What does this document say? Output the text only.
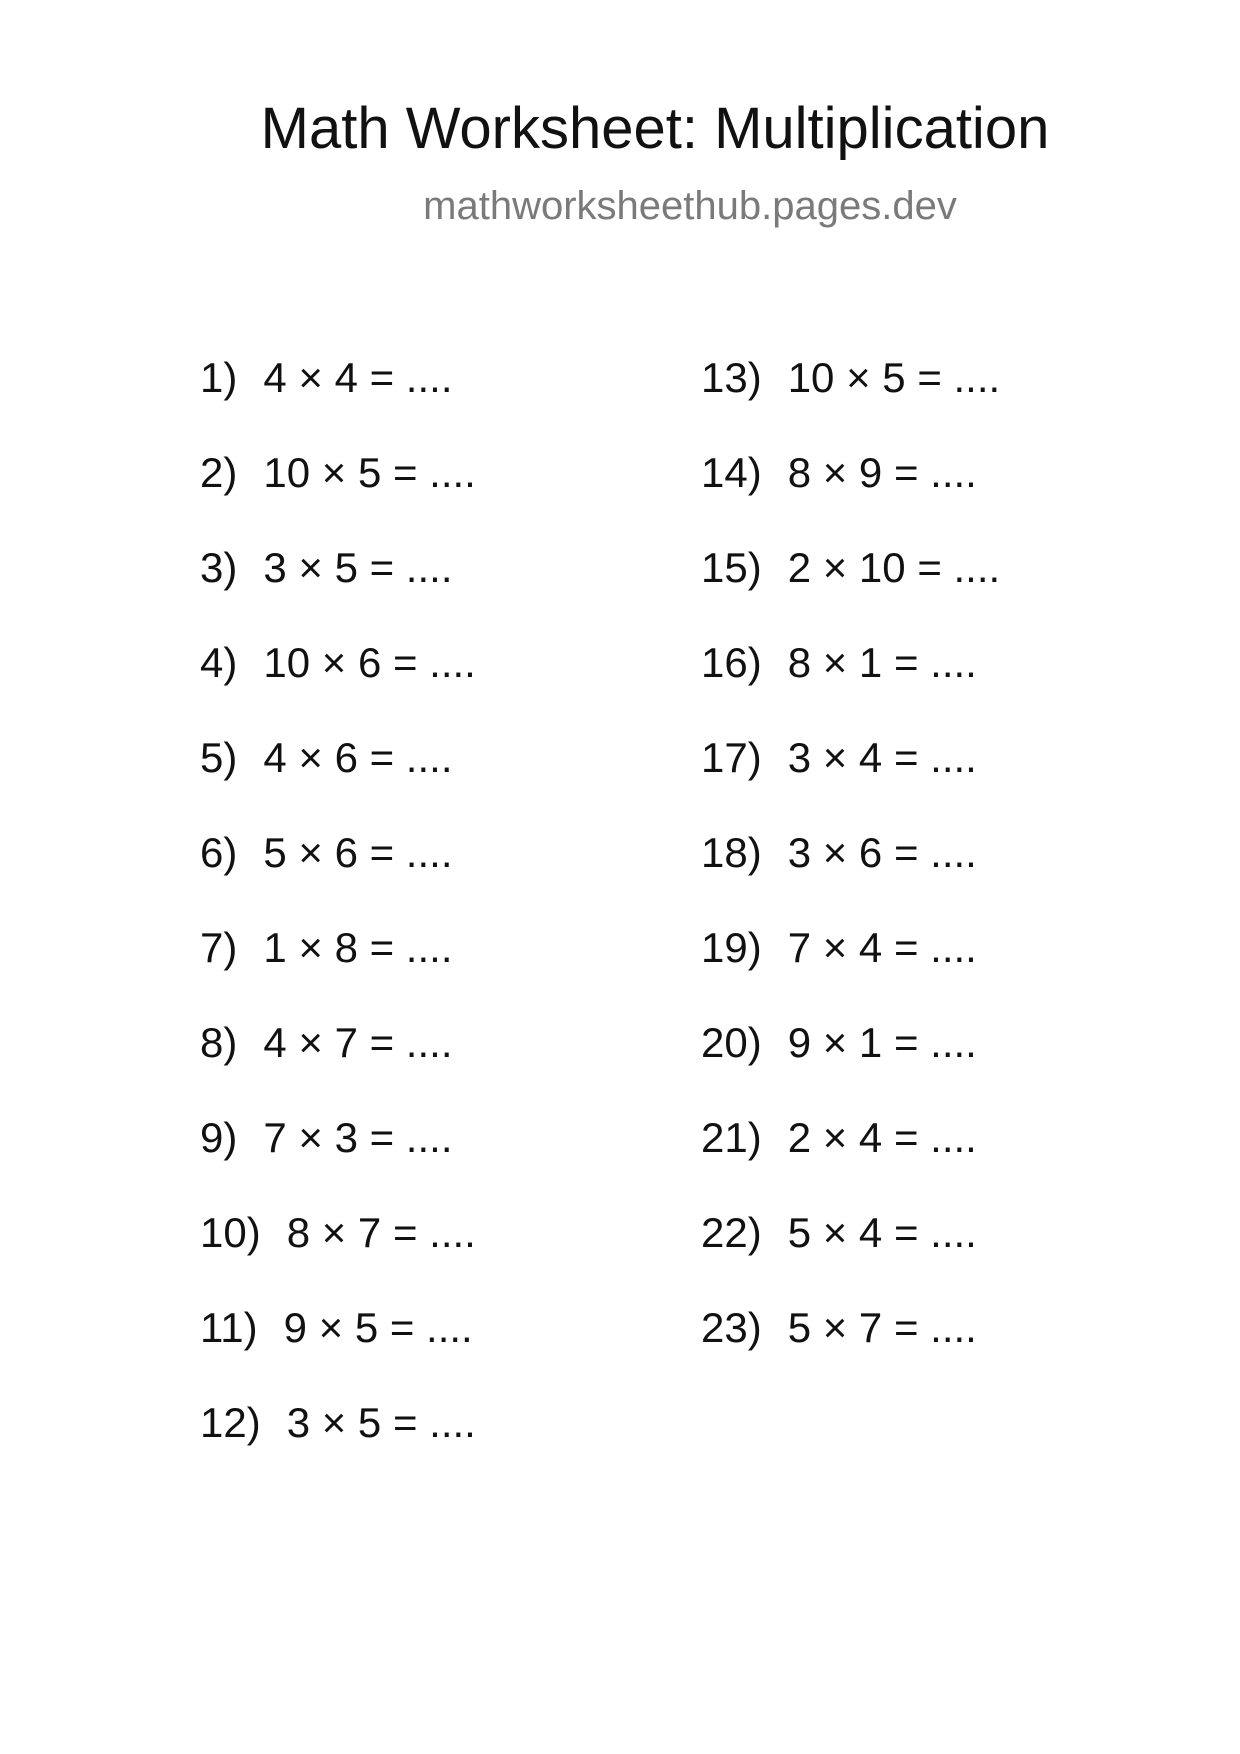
Math Worksheet: Multiplication
mathworksheethub.pages.dev
1) 4 × 4 = ....
2) 10 × 5 = ....
3) 3 × 5 = ....
4) 10 × 6 = ....
5) 4 × 6 = ....
6) 5 × 6 = ....
7) 1 × 8 = ....
8) 4 × 7 = ....
9) 7 × 3 = ....
10) 8 × 7 = ....
11) 9 × 5 = ....
12) 3 × 5 = ....
13) 10 × 5 = ....
14) 8 × 9 = ....
15) 2 × 10 = ....
16) 8 × 1 = ....
17) 3 × 4 = ....
18) 3 × 6 = ....
19) 7 × 4 = ....
20) 9 × 1 = ....
21) 2 × 4 = ....
22) 5 × 4 = ....
23) 5 × 7 = ....
